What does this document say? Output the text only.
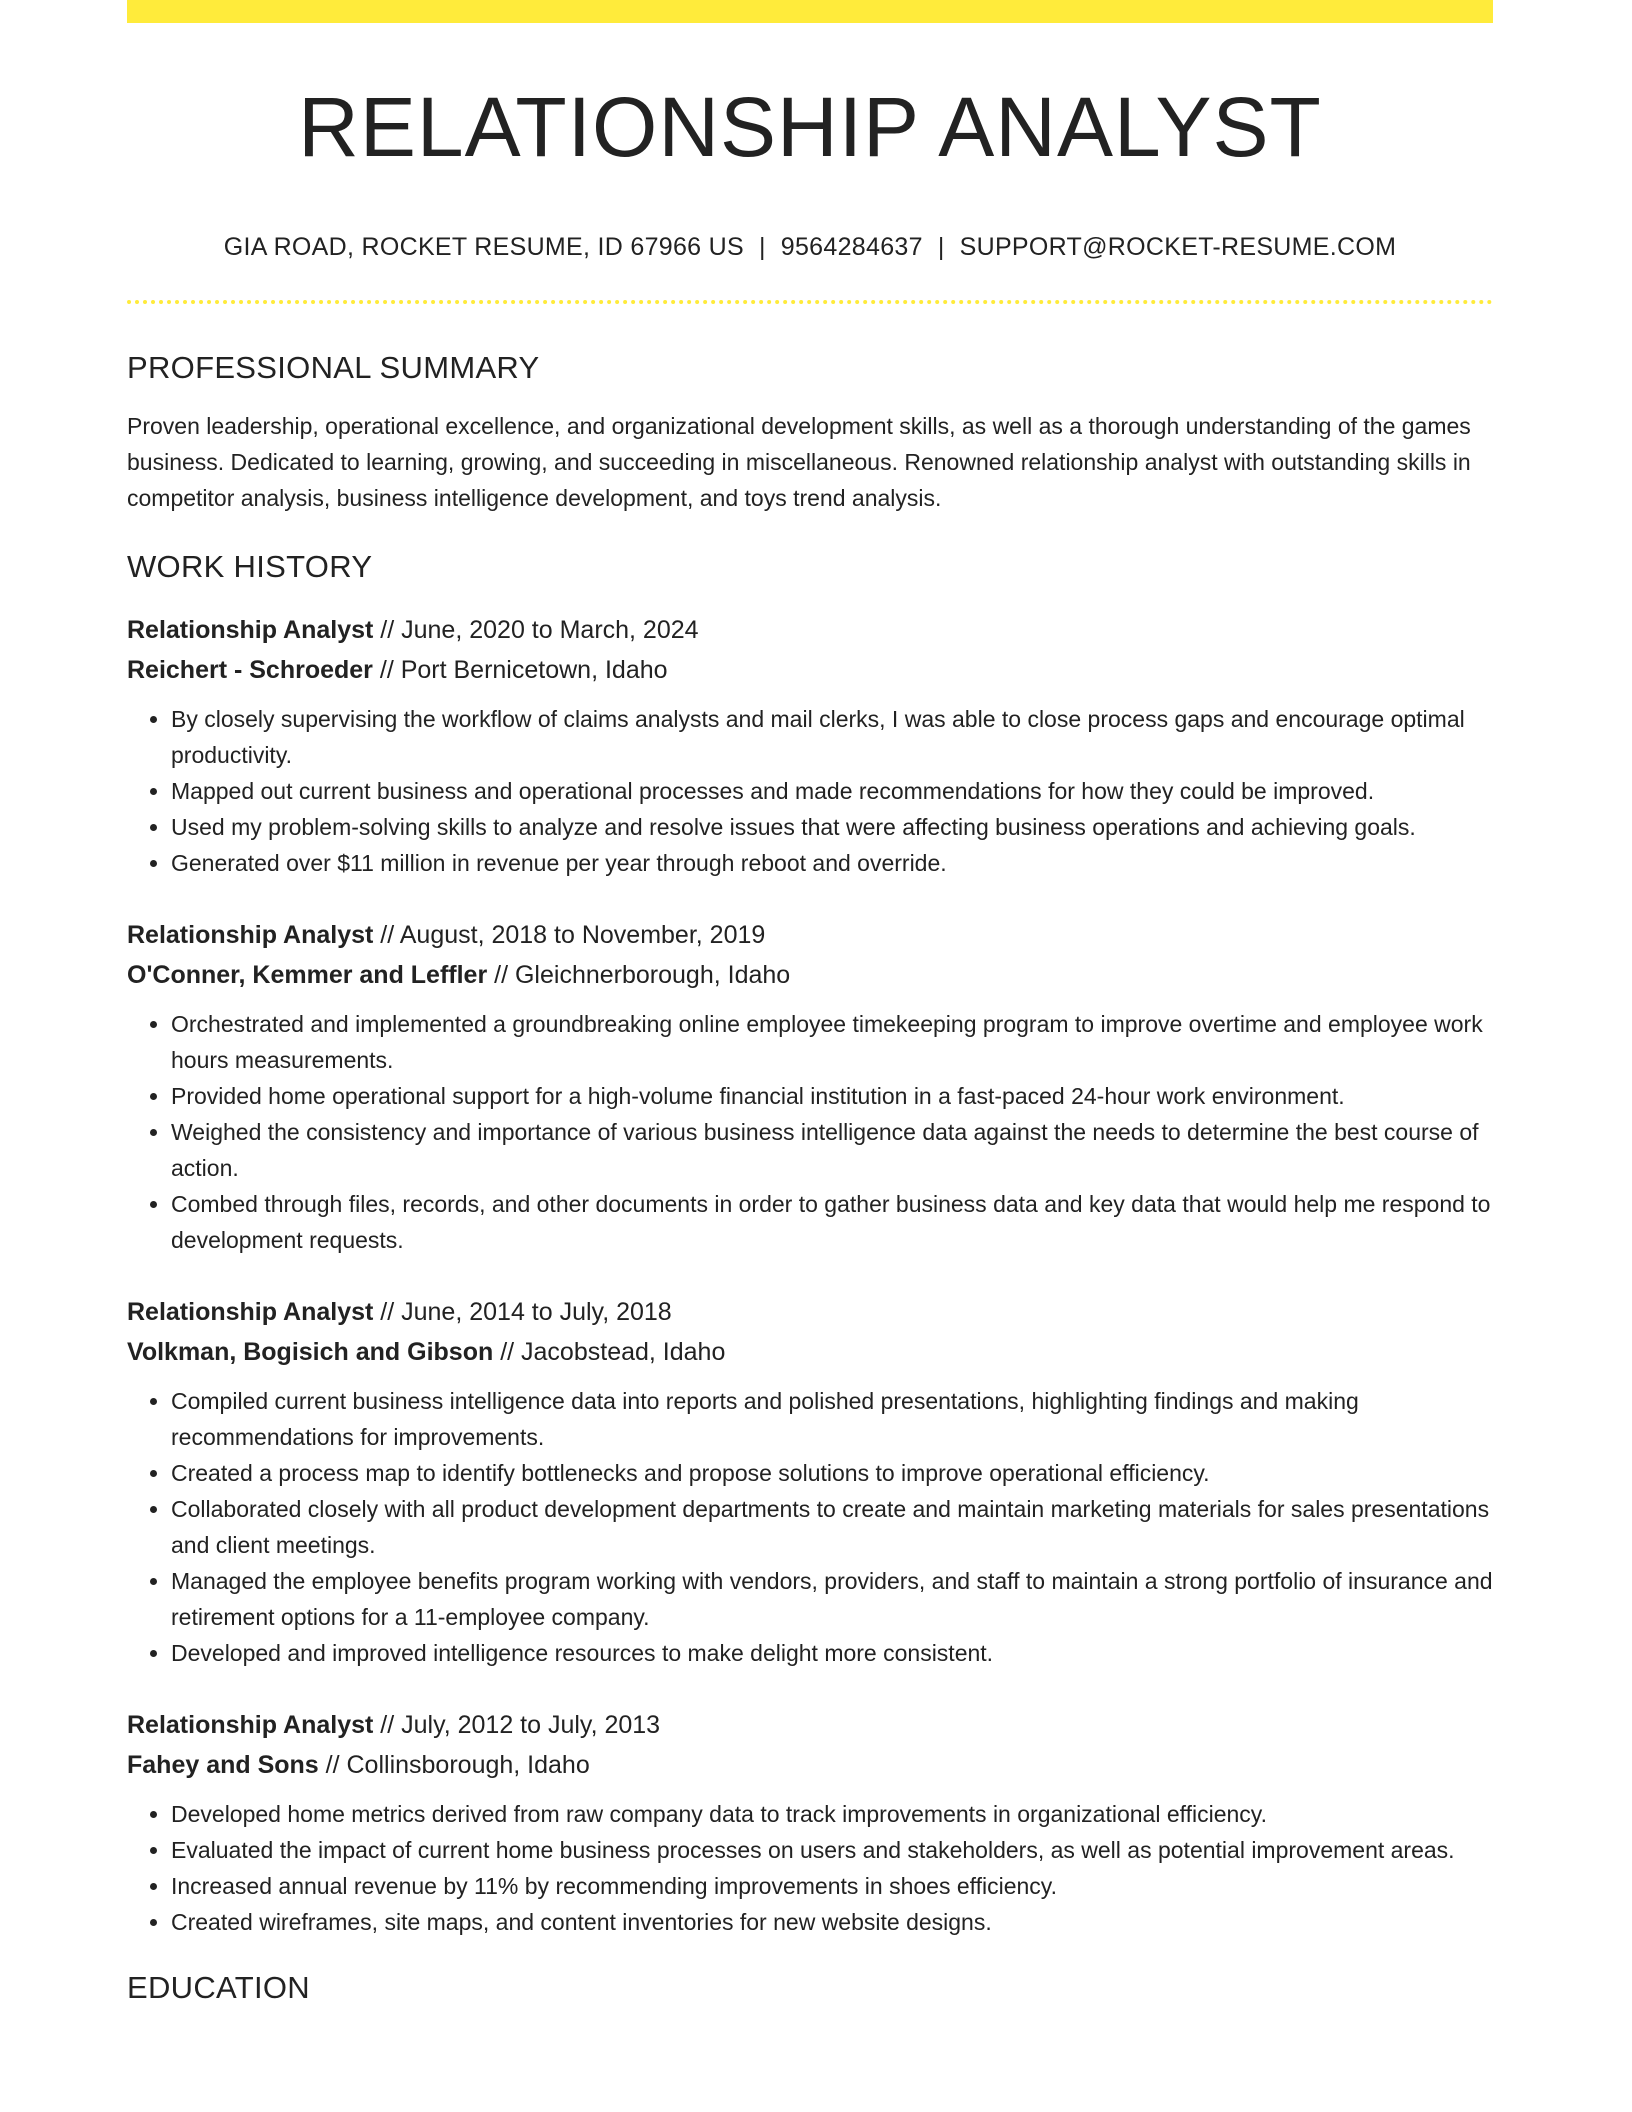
RELATIONSHIP ANALYST
GIA ROAD, ROCKET RESUME, ID 67966 US | 9564284637 | SUPPORT@ROCKET-RESUME.COM
PROFESSIONAL SUMMARY
Proven leadership, operational excellence, and organizational development skills, as well as a thorough understanding of the games business. Dedicated to learning, growing, and succeeding in miscellaneous. Renowned relationship analyst with outstanding skills in competitor analysis, business intelligence development, and toys trend analysis.
WORK HISTORY
Relationship Analyst // June, 2020 to March, 2024
Reichert - Schroeder // Port Bernicetown, Idaho
• By closely supervising the workflow of claims analysts and mail clerks, I was able to close process gaps and encourage optimal productivity.
• Mapped out current business and operational processes and made recommendations for how they could be improved.
• Used my problem-solving skills to analyze and resolve issues that were affecting business operations and achieving goals.
• Generated over $11 million in revenue per year through reboot and override.
Relationship Analyst // August, 2018 to November, 2019
O'Conner, Kemmer and Leffler // Gleichnerborough, Idaho
• Orchestrated and implemented a groundbreaking online employee timekeeping program to improve overtime and employee work hours measurements.
• Provided home operational support for a high-volume financial institution in a fast-paced 24-hour work environment.
• Weighed the consistency and importance of various business intelligence data against the needs to determine the best course of action.
• Combed through files, records, and other documents in order to gather business data and key data that would help me respond to development requests.
Relationship Analyst // June, 2014 to July, 2018
Volkman, Bogisich and Gibson // Jacobstead, Idaho
• Compiled current business intelligence data into reports and polished presentations, highlighting findings and making recommendations for improvements.
• Created a process map to identify bottlenecks and propose solutions to improve operational efficiency.
• Collaborated closely with all product development departments to create and maintain marketing materials for sales presentations and client meetings.
• Managed the employee benefits program working with vendors, providers, and staff to maintain a strong portfolio of insurance and retirement options for a 11-employee company.
• Developed and improved intelligence resources to make delight more consistent.
Relationship Analyst // July, 2012 to July, 2013
Fahey and Sons // Collinsborough, Idaho
• Developed home metrics derived from raw company data to track improvements in organizational efficiency.
• Evaluated the impact of current home business processes on users and stakeholders, as well as potential improvement areas.
• Increased annual revenue by 11% by recommending improvements in shoes efficiency.
• Created wireframes, site maps, and content inventories for new website designs.
EDUCATION
